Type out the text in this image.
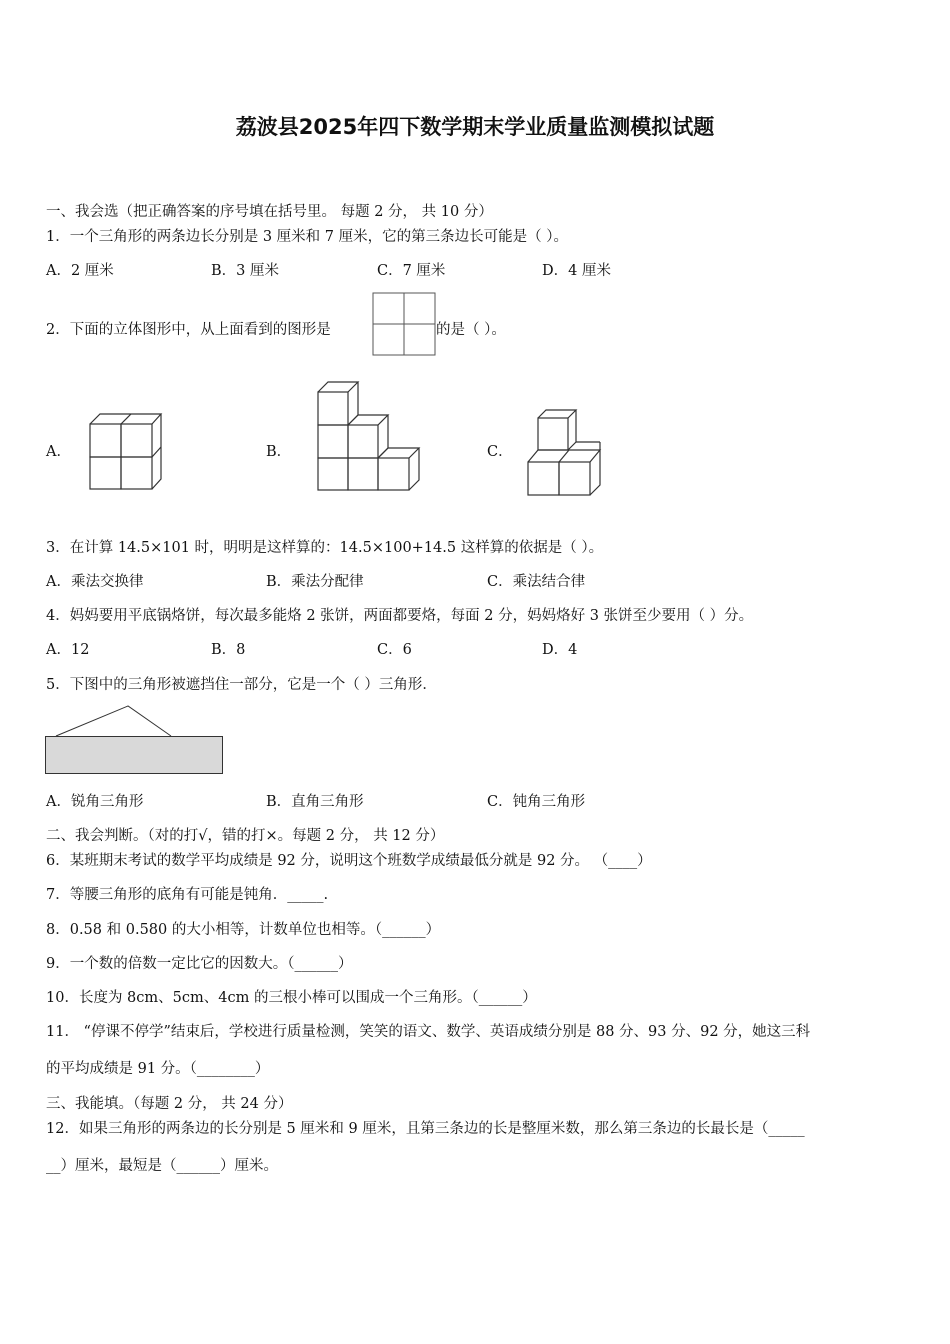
荔波县2025年四下数学期末学业质量监测模拟试题
一、我会选（把正确答案的序号填在括号里。 每题 2 分， 共 10 分）
1．一个三角形的两条边长分别是 3 厘米和 7 厘米，它的第三条边长可能是（ ）。
A．2 厘米	B．3 厘米	C．7 厘米	D．4 厘米
2．下面的立体图形中，从上面看到的图形是	的是（ ）。
A．	B．	C．
3．在计算 14.5×101 时，明明是这样算的：14.5×100+14.5 这样算的依据是（ ）。
A．乘法交换律	B．乘法分配律	C．乘法结合律
4．妈妈要用平底锅烙饼，每次最多能烙 2 张饼，两面都要烙，每面 2 分，妈妈烙好 3 张饼至少要用（ ）分。
A．12	B．8	C．6	D．4
5．下图中的三角形被遮挡住一部分，它是一个（ ）三角形．
A．锐角三角形	B．直角三角形	C．钝角三角形
二、我会判断。（对的打√，错的打×。每题 2 分， 共 12 分）
6．某班期末考试的数学平均成绩是 92 分，说明这个班数学成绩最低分就是 92 分。 （____）
7．等腰三角形的底角有可能是钝角．_____.
8．0.58 和 0.580 的大小相等，计数单位也相等。（______）
9．一个数的倍数一定比它的因数大。（______）
10．长度为 8cm、5cm、4cm 的三根小棒可以围成一个三角形。（______）
11． “停课不停学”结束后，学校进行质量检测，笑笑的语文、数学、英语成绩分别是 88 分、93 分、92 分，她这三科
的平均成绩是 91 分。（________）
三、我能填。（每题 2 分， 共 24 分）
12．如果三角形的两条边的长分别是 5 厘米和 9 厘米，且第三条边的长是整厘米数，那么第三条边的长最长是（_____
__）厘米，最短是（______）厘米。
